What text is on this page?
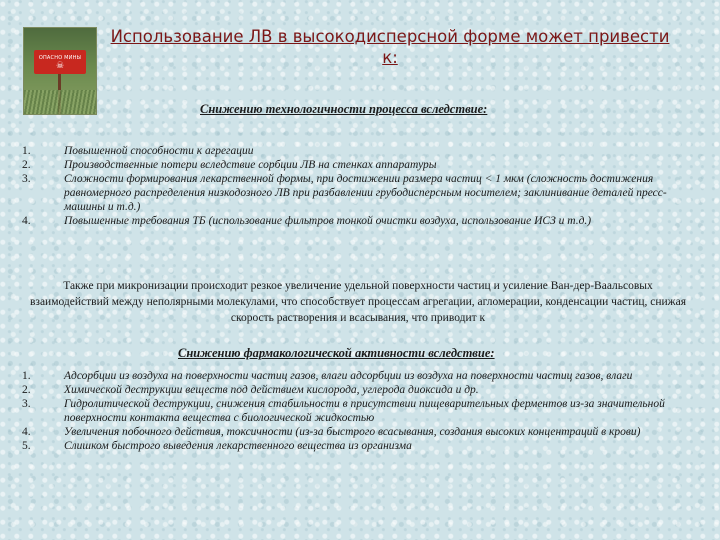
ОПАСНО МИНЫ
☠
Использование ЛВ в высокодисперсной форме может привести к:
Снижению технологичности процесса вследствие:
1.	Повышенной способности к агрегации
2.	Производственные потери вследствие сорбции ЛВ на стенках аппаратуры
3.	Сложности формирования лекарственной формы, при достижении размера частиц < 1 мкм (сложность достижения равномерного распределения низкодозного ЛВ при разбавлении грубодисперсным носителем; заклинивание деталей пресс-машины и т.д.)
4.	Повышенные требования ТБ (использование фильтров тонкой очистки воздуха, использование ИСЗ и т.д.)
Также при микронизации происходит резкое увеличение удельной поверхности частиц и усиление Ван-дер-Ваальсовых взаимодействий между неполярными молекулами, что способствует процессам агрегации, агломерации, конденсации частиц, снижая скорость растворения и всасывания, что приводит к
Снижению фармакологической активности вследствие:
1.	Адсорбции из воздуха на поверхности частиц газов, влаги адсорбции из воздуха на поверхности частиц газов, влаги
2.	Химической деструкции веществ под действием кислорода, углерода диоксида и др.
3.	Гидролитической деструкции, снижения стабильности в присутствии пищеварительных ферментов из-за значительной поверхности контакта вещества с биологической жидкостью
4.	Увеличения побочного действия, токсичности (из-за быстрого всасывания, создания высоких концентраций в крови)
5.	Слишком быстрого выведения лекарственного вещества из организма
